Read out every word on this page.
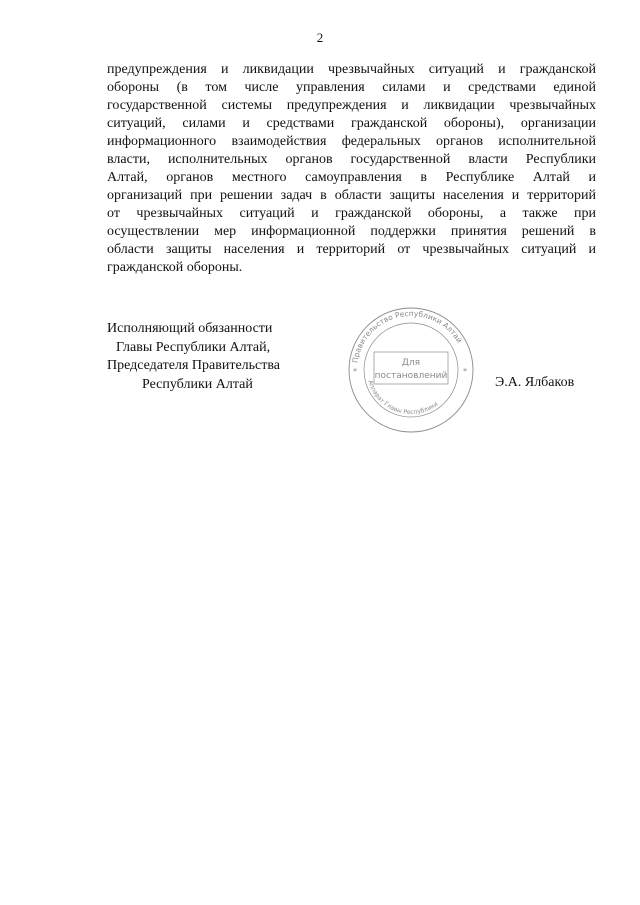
2
предупреждения и ликвидации чрезвычайных ситуаций и гражданской
обороны (в том числе управления силами и средствами единой
государственной системы предупреждения и ликвидации чрезвычайных
ситуаций, силами и средствами гражданской обороны), организации
информационного взаимодействия федеральных органов исполнительной
власти, исполнительных органов государственной власти Республики
Алтай, органов местного самоуправления в Республике Алтай и
организаций при решении задач в области защиты населения и территорий
от чрезвычайных ситуаций и гражданской обороны, а также при
осуществлении мер информационной поддержки принятия решений в
области защиты населения и территорий от чрезвычайных ситуаций и
гражданской обороны.
Исполняющий обязанности
Главы Республики Алтай,
Председателя Правительства
Республики Алтай
Правительство Республики Алтай
Аппарат Главы Республики
Для
постановлений
*	*
Э.А. Ялбаков
